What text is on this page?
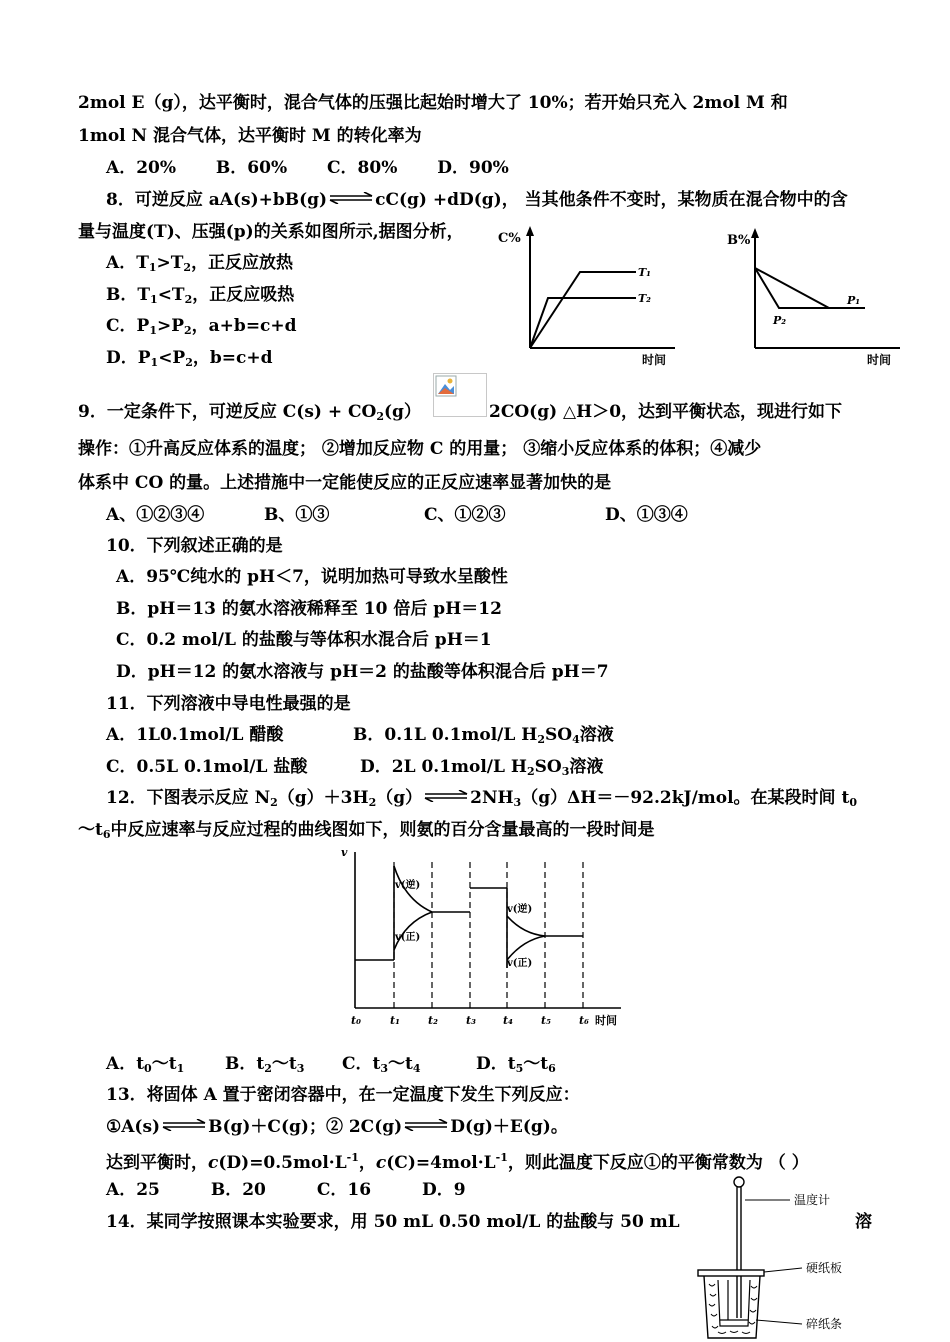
2mol E（g），达平衡时，混合气体的压强比起始时增大了 10%；若开始只充入 2mol M 和
1mol N 混合气体，达平衡时 M 的转化率为
A．20%　　 B．60%　　 C．80%　　 D．90%
8．可逆反应 aA(s)+bB(g)⇌cC(g) +dD(g)， 当其他条件不变时，某物质在混合物中的含
量与温度(T)、压强(p)的关系如图所示,据图分析，
A．$T_1>T_2$，正反应放热
B．$T_1<T_2$，正反应吸热
C．$P_1>P_2$，a+b=c+d
D．$P_1<P_2$，b=c+d
C%
T₁
T₂
时间
B%
P₁
P₂
时间
9．一定条件下，可逆反应 $C(s) + CO_2(g)$	2CO(g) △H＞0，达到平衡状态，现进行如下
操作：①升高反应体系的温度； ②增加反应物 C 的用量； ③缩小反应体系的体积；④减少
体系中 CO 的量。上述措施中一定能使反应的正反应速率显著加快的是
A、①②③④	B、①③	C、①②③	D、①③④
10．下列叙述正确的是
A．95℃纯水的 pH＜7，说明加热可导致水呈酸性
B．pH＝13 的氨水溶液稀释至 10 倍后 pH＝12
C．0.2 mol/L 的盐酸与等体积水混合后 pH＝1
D．pH＝12 的氨水溶液与 pH＝2 的盐酸等体积混合后 pH＝7
11．下列溶液中导电性最强的是
A．1L0.1mol/L 醋酸	B．0.1L 0.1mol/L $H_2SO_4$溶液
C．0.5L 0.1mol/L 盐酸	D．2L 0.1mol/L $H_2SO_3$溶液
12．下图表示反应 $N_2(g)+3H_2(g)\rightleftharpoons 2NH_3(g)\Delta H=-92.2kJ$/mol。在某段时间 $t_0$
$\sim t_6$中反应速率与反应过程的曲线图如下，则氨的百分含量最高的一段时间是
v
v(逆)
v(正)
v(逆)
v(正)
t₀	t₁	t₂	t₃ t₄	t₅	t₆ 时间
A．$t_0\sim t_1$ B．$t_2\sim t_3$ C．$t_3\sim t_4$	D．$t_5\sim t_6$
13．将固体 A 置于密闭容器中，在一定温度下发生下列反应：
①A(s)⇌B(g)＋C(g)；② 2C(g)⇌D(g)＋E(g)。
达到平衡时，$c(D)=0.5mol\cdot L^{-1}$，$c(C)=4mol\cdot L^{-1}$，则此温度下反应①的平衡常数为 （ ）
A．25　　　B．20　　　C．16　　　D．9
14．某同学按照课本实验要求，用 50 mL 0.50 mol/L 的盐酸与 50 mL	溶
温度计
硬纸板
碎纸条
